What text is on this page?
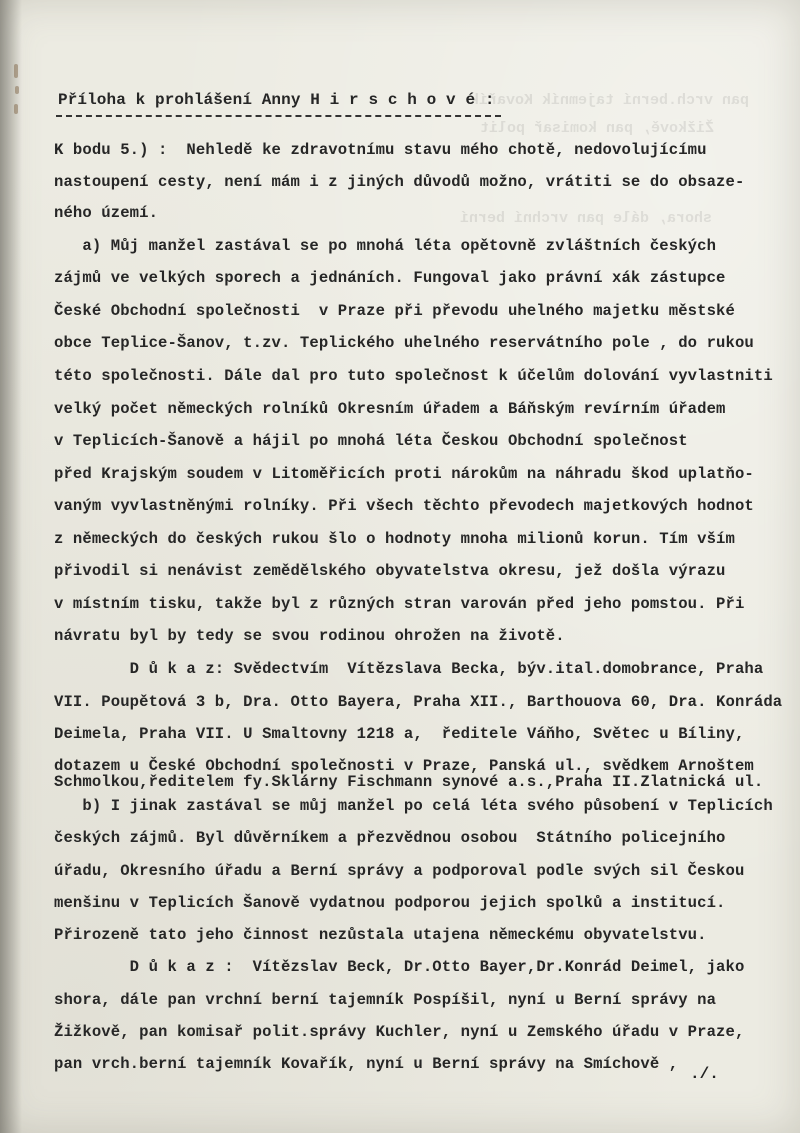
pan vrch.berní tajemník Kovařík
Žižkově, pan komisař polit
shora, dále pan vrchní berní
Příloha k prohlášení Anny H i r s c h o v é :
K bodu 5.) :  Nehledě ke zdravotnímu stavu mého chotě, nedovolujícímu
nastoupení cesty, není mám i z jiných důvodů možno, vrátiti se do obsaze-
ného území.
a) Můj manžel zastával se po mnohá léta opětovně zvláštních českých
zájmů ve velkých sporech a jednáních. Fungoval jako právní xák zástupce
České Obchodní společnosti  v Praze při převodu uhelného majetku městské
obce Teplice-Šanov, t.zv. Teplického uhelného reservátního pole , do rukou
této společnosti. Dále dal pro tuto společnost k účelům dolování vyvlastniti
velký počet německých rolníků Okresním úřadem a Báňským revírním úřadem
v Teplicích-Šanově a hájil po mnohá léta Českou Obchodní společnost
před Krajským soudem v Litoměřicích proti nárokům na náhradu škod uplatňo-
vaným vyvlastněnými rolníky. Při všech těchto převodech majetkových hodnot
z německých do českých rukou šlo o hodnoty mnoha milionů korun. Tím vším
přivodil si nenávist zemědělského obyvatelstva okresu, jež došla výrazu
v místním tisku, takže byl z různých stran varován před jeho pomstou. Při
návratu byl by tedy se svou rodinou ohrožen na životě.
D ů k a z: Svědectvím  Vítězslava Becka, býv.ital.domobrance, Praha
VII. Poupětová 3 b, Dra. Otto Bayera, Praha XII., Barthouova 60, Dra. Konráda
Deimela, Praha VII. U Smaltovny 1218 a,  ředitele Váňho, Světec u Bíliny,
dotazem u České Obchodní společnosti v Praze, Panská ul., svědkem Arnoštem
Schmolkou,ředitelem fy.Sklárny Fischmann synové a.s.,Praha II.Zlatnická ul.
b) I jinak zastával se můj manžel po celá léta svého působení v Teplicích
českých zájmů. Byl důvěrníkem a přezvědnou osobou  Státního policejního
úřadu, Okresního úřadu a Berní správy a podporoval podle svých sil Českou
menšinu v Teplicích Šanově vydatnou podporou jejich spolků a institucí.
Přirozeně tato jeho činnost nezůstala utajena německému obyvatelstvu.
D ů k a z :  Vítězslav Beck, Dr.Otto Bayer,Dr.Konrád Deimel, jako
shora, dále pan vrchní berní tajemník Pospíšil, nyní u Berní správy na
Žižkově, pan komisař polit.správy Kuchler, nyní u Zemského úřadu v Praze,
pan vrch.berní tajemník Kovařík, nyní u Berní správy na Smíchově ,
./.
